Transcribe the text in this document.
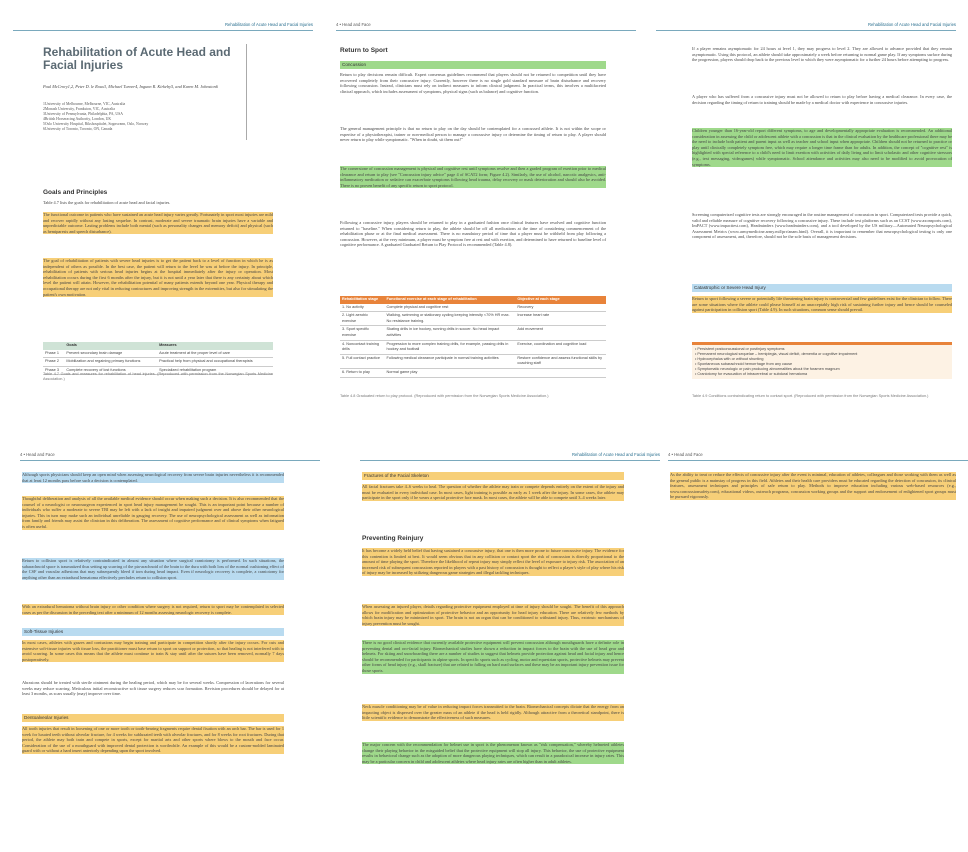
Rehabilitation of Acute Head and Facial Injuries
Rehabilitation of Acute Head and Facial Injuries
Paul McCrory1,2, Peter D. le Roux3, Michael Turner4, Ingunn R. Kirkeby5, and Karen M. Johnston6
1University of Melbourne, Melbourne, VIC, Australia
2Monash University, Frankston, VIC, Australia
3University of Pennsylvania, Philadelphia, PA, USA
4British Horseracing Authority, London, UK
5Oslo University Hospital, Rikshospitalet, Sognsvann, Oslo, Norway
6University of Toronto, Toronto, ON, Canada
Goals and Principles
Table 4.7 lists the goals for rehabilitation of acute head and facial injuries.
The functional outcome in patients who have sustained an acute head injury varies greatly. Fortunately in sport most injuries are mild and recover rapidly without any lasting sequelae. In contrast, moderate and severe traumatic brain injuries have a variable and unpredictable outcome. Lasting problems include both mental (such as personality changes and memory deficit) and physical (such as hemiparesis and speech disturbance).
The goal of rehabilitation of patients with severe head injuries is to get the patient back to a level of function in which he is as independent of others as possible. In the best case, the patient will return to the level he was at before the injury. In principle, rehabilitation of patients with serious head injuries begins at the hospital immediately after the injury or operation. Most rehabilitation occurs during the first 6 months after the injury, but it is not until a year later that there is any certainty about which level the patient will attain. However, the rehabilitation potential of many patients extends beyond one year. Physical therapy and occupational therapy are not only vital in reducing contractures and improving strength in the extremities, but also for stimulating the patient's own motivation.
	Goals	Measures
Phase 1	Prevent secondary brain damage	Acute treatment at the proper level of care
Phase 2	Mobilization and regaining primary functions	Practical help from physical and occupational therapists
Phase 3	Complete recovery of lost functions	Specialized rehabilitation program
Table 4.7 Goals and measures for rehabilitation of head injuries. (Reproduced with permission from the Norwegian Sports Medicine Association.)
4 • Head and Face
Return to Sport
Concussion
Return to play decisions remain difficult. Expert consensus guidelines recommend that players should not be returned to competition until they have recovered completely from their concussive injury. Currently, however there is no single gold standard measure of brain disturbance and recovery following concussion. Instead, clinicians must rely on indirect measures to inform clinical judgment. In practical terms, this involves a multifaceted clinical approach, which includes assessment of symptoms, physical signs (such as balance) and cognitive function.
The general management principle is that no return to play on the day should be contemplated for a concussed athlete. It is not within the scope or expertise of a physiotherapist, trainer or non-medical person to manage a concussive injury or determine the timing of return to play. A player should never return to play while symptomatic. "When in doubt, sit them out!"
The cornerstone of concussion management is physical and cognitive rest until symptoms resolve and then a graded program of exertion prior to medical clearance and return to play (see "Concussion injury advice" page 4 of SCAT2 form; Figure 4.2). Similarly, the use of alcohol, narcotic analgesics, anti-inflammatory medication or sedative can exacerbate symptoms following head trauma, delay recovery or mask deterioration and should also be avoided. There is no proven benefit of any specific return to sport protocol.
Following a concussive injury, players should be returned to play in a graduated fashion once clinical features have resolved and cognitive function returned to "baseline." When considering return to play, the athlete should be off all medications at the time of considering commencement of the rehabilitation phase or at the final medical assessment. There is no mandatory period of time that a player must be withheld from play following a concussion. However, at the very minimum, a player must be symptom free at rest and with exertion, and determined to have returned to baseline level of cognitive performance. A graduated Graduated Return to Play Protocol is recommended (Table 4.8).
Rehabilitation stage	Functional exercise at each stage of rehabilitation	Objective at each stage
1. No activity	Complete physical and cognitive rest	Recovery
2. Light aerobic exercise	Walking, swimming or stationary cycling keeping intensity <70% HR max. No resistance training.	Increase heart rate
3. Sport specific exercise	Skating drills in ice hockey, running drills in soccer. No head impact activities	Add movement
4. Noncontact training drills	Progression to more complex training drills, for example, passing drills in hockey and football	Exercise, coordination and cognitive load
5. Full contact practice	Following medical clearance participate in normal training activities	Restore confidence and assess functional skills by coaching staff
6. Return to play	Normal game play	
Table 4.8 Graduated return to play protocol. (Reproduced with permission from the Norwegian Sports Medicine Association.)
Rehabilitation of Acute Head and Facial Injuries
If a player remains asymptomatic for 24 hours at level 1, they may progress to level 2. They are allowed to advance provided that they remain asymptomatic. Using this protocol, an athlete should take approximately a week before returning to normal game play. If any symptoms surface during the progression, players should drop back to the previous level to which they were asymptomatic for a further 24 hours before attempting to progress.
A player who has suffered from a concussive injury must not be allowed to return to play before having a medical clearance. In every case, the decision regarding the timing of return to training should be made by a medical doctor with experience in concussive injuries.
Children younger than 16-year-old report different symptoms, to age and developmentally appropriate evaluation is recommended. An additional consideration in assessing the child or adolescent athlete with a concussion is that in the clinical evaluation by the healthcare professional there may be the need to include both patient and parent input as well as teacher and school input when appropriate. Children should not be returned to practice or play until clinically completely symptom free, which may require a longer time frame than for adults. In addition, the concept of "cognitive rest" is highlighted with special reference to a child's need to limit exertion with activities of daily living and to limit scholastic and other cognitive stressors (e.g., text messaging, videogames) while symptomatic. School attendance and activities may also need to be modified to avoid provocation of symptoms.
Screening computerized cognitive tests are strongly encouraged in the routine management of concussion in sport. Computerized tests provide a quick, valid and reliable measure of cognitive recovery following a concussive injury. These include test platforms such as an CCST (www.axonsports.com), ImPACT (www.impacttest.com), Headminders (www.headminders.com), and a tool developed by the US military—Automated Neuropsychological Assessment Metrics (www.armymedicine.army.mil/prr/anam.html). Overall, it is important to remember that neuropsychological testing is only one component of assessment, and, therefore, should not be the sole basis of management decisions.
Catastrophic or Severe Head Injury
Return to sport following a severe or potentially life threatening brain injury is controversial and few guidelines exist for the clinician to follow. There are some situations where the athlete could please himself at an unacceptably high risk of sustaining further injury and hence should be counseled against participation in collision sport (Table 4.9). In such situations, common sense should prevail.
• Persistent postconcussional or postinjury symptoms
• Permanent neurological sequelae – hemiplegia, visual deficit, dementia or cognitive impairment
• Hydrocephalus with or without shunting
• Spontaneous subarachnoid hemorrhage from any cause
• Symptomatic neurologic or pain producing abnormalities about the foramen magnum
• Craniotomy for evacuation of intracerebral or subdural hematoma
Table 4.9 Conditions contraindicating return to contact sport. (Reproduced with permission from the Norwegian Sports Medicine Association.)
4 • Head and Face
Although sports physicians should keep an open mind when assessing neurological recovery from severe brain injuries nevertheless it is recommended that at least 12 months pass before such a decision is contemplated.
Thoughtful deliberation and analysis of all the available medical evidence should occur when making such a decision. It is also recommended that the counsel of a neurologist or neurosurgeon experienced in sport head injury management be sought. This is an important point because a number of individuals who suffer a moderate to severe TBI may be left with a lack of insight and impaired judgment over and above their other neurological injuries. This in turn may make such an individual unreliable in gauging recovery. The use of neuropsychological assessment as well as information from family and friends may assist the clinician in this deliberation. The assessment of cognitive performance and of clinical symptoms when fatigued is often useful.
Return to collision sport is relatively contraindicated in almost any situation where surgical craniotomy is performed. In such situations, the subarachnoid space is traumatized thus setting up scarring of the pia-arachnoid of the brain to the dura with both loss of the normal cushioning effect of the CSF and vascular adhesions that may subsequently bleed if torn during head impact. Even if neurologic recovery is complete, a craniotomy for anything other than an extradural hematoma effectively precludes return to collision sport.
With an extradural hematoma without brain injury or other condition where surgery is not required, return to sport may be contemplated in selected cases as per the discussion in the preceding text after a minimum of 12 months assessing neurologic recovery is complete.
Soft-Tissue Injuries
In most cases, athletes with grazes and contusions may begin training and participate in competition shortly after the injury occurs. For cuts and extensive soft-tissue injuries with tissue loss, the practitioner must base return to sport on support or protection, so that healing is not interfered with to avoid scarring. In some cases this means that the athlete must continue to train & stay until after the sutures have been removed, normally 7 days postoperatively.
Abrasions should be treated with sterile ointment during the healing period, which may be for several weeks. Compression of lacerations for several weeks may reduce scarring. Meticulous initial reconstructive soft tissue surgery reduces scar formation. Revision procedures should be delayed for at least 3 months, as scars usually (may) improve over time.
Dentoalveolar Injuries
All tooth injuries that result in loosening of one or more tooth or tooth-bearing fragments require dental fixation with an arch bar. The bar is used for 1 week for luxated teeth without alveolar fracture, for 4 weeks for subluxated teeth with alveolar fractures, and for 8 weeks for root fractures. During that period, the athlete may both train and compete in sports, except for martial arts and other sports where blows to the mouth and face occur. Consideration of the use of a mouthguard with improved dental protection is worthwhile. An example of this would be a custom-molded laminated guard with or without a hard insert anteriorly depending upon the sport involved.
Rehabilitation of Acute Head and Facial Injuries
Fractures of the Facial Skeleton
All facial fractures take 4–6 weeks to heal. The question of whether the athlete may train or compete depends entirely on the extent of the injury and must be evaluated in every individual case. In most cases, light training is possible as early as 1 week after the injury. In some cases, the athlete may participate in the sport only if he wears a special protective face mask. In most cases, the athlete will be able to compete until 3–4 weeks later.
Preventing Reinjury
It has become a widely held belief that having sustained a concussive injury, that one is then more prone to future concussive injury. The evidence for this contention is limited at best. It would seem obvious that in any collision or contact sport the risk of concussion is directly proportional to the amount of time playing the sport. Therefore the likelihood of repeat injury may simply reflect the level of exposure to injury risk. The association of an increased risk of subsequent concussions reported in players with a past history of concussion is thought to reflect a player's style of play where his risk of injury may be increased by utilizing dangerous game strategies and illegal tackling techniques.
When assessing an injured player, details regarding protective equipment employed at time of injury should be sought. The benefit of this approach allows for modification and optimization of protective behavior and an opportunity for head injury education. There are relatively few methods by which brain injury may be minimized in sport. The brain is not an organ that can be conditioned to withstand injury. Thus, extrinsic mechanisms of injury prevention must be sought.
There is no good clinical evidence that currently available protective equipment will prevent concussion although mouthguards have a definite role in preventing dental and oro-facial injury. Biomechanical studies have shown a reduction in impact forces to the brain with the use of head gear and helmets. For skiing and snowboarding there are a number of studies to suggest that helmets provide protection against head and facial injury and hence should be recommended for participants in alpine sports. In specific sports such as cycling, motor and equestrian sports, protective helmets may prevent other forms of head injury (e.g., skull fracture) that are related to falling on hard road surfaces and these may be an important injury prevention issue for those sports.
Neck muscle conditioning may be of value in reducing impact forces transmitted to the brain. Biomechanical concepts dictate that the energy from an impacting object is dispersed over the greater mass of an athlete if the head is held rigidly. Although attractive from a theoretical standpoint, there is little scientific evidence to demonstrate the effectiveness of such measures.
The major concern with the recommendation for helmet use in sport is the phenomenon known as "risk compensation," whereby helmeted athletes change their playing behavior in the misguided belief that the protective equipment will stop all injury. This behavior, the use of protective equipment results in behavioral change such as the adoption of more dangerous playing techniques, which can result in a paradoxical increase in injury rates. This may be a particular concern in child and adolescent athletes where head injury rates are often higher than in adult athletes.
4 • Head and Face
As the ability to treat or reduce the effects of concussive injury after the event is minimal, education of athletes, colleagues and those working with them as well as the general public is a mainstay of progress in this field. Athletes and their health care providers must be educated regarding the detection of concussion, its clinical features, assessment techniques and principles of safe return to play. Methods to improve education including various web-based resources (e.g., www.concussionsafety.com), educational videos, outreach programs, concussion working groups and the support and endorsement of enlightened sport groups must be pursued vigorously.
